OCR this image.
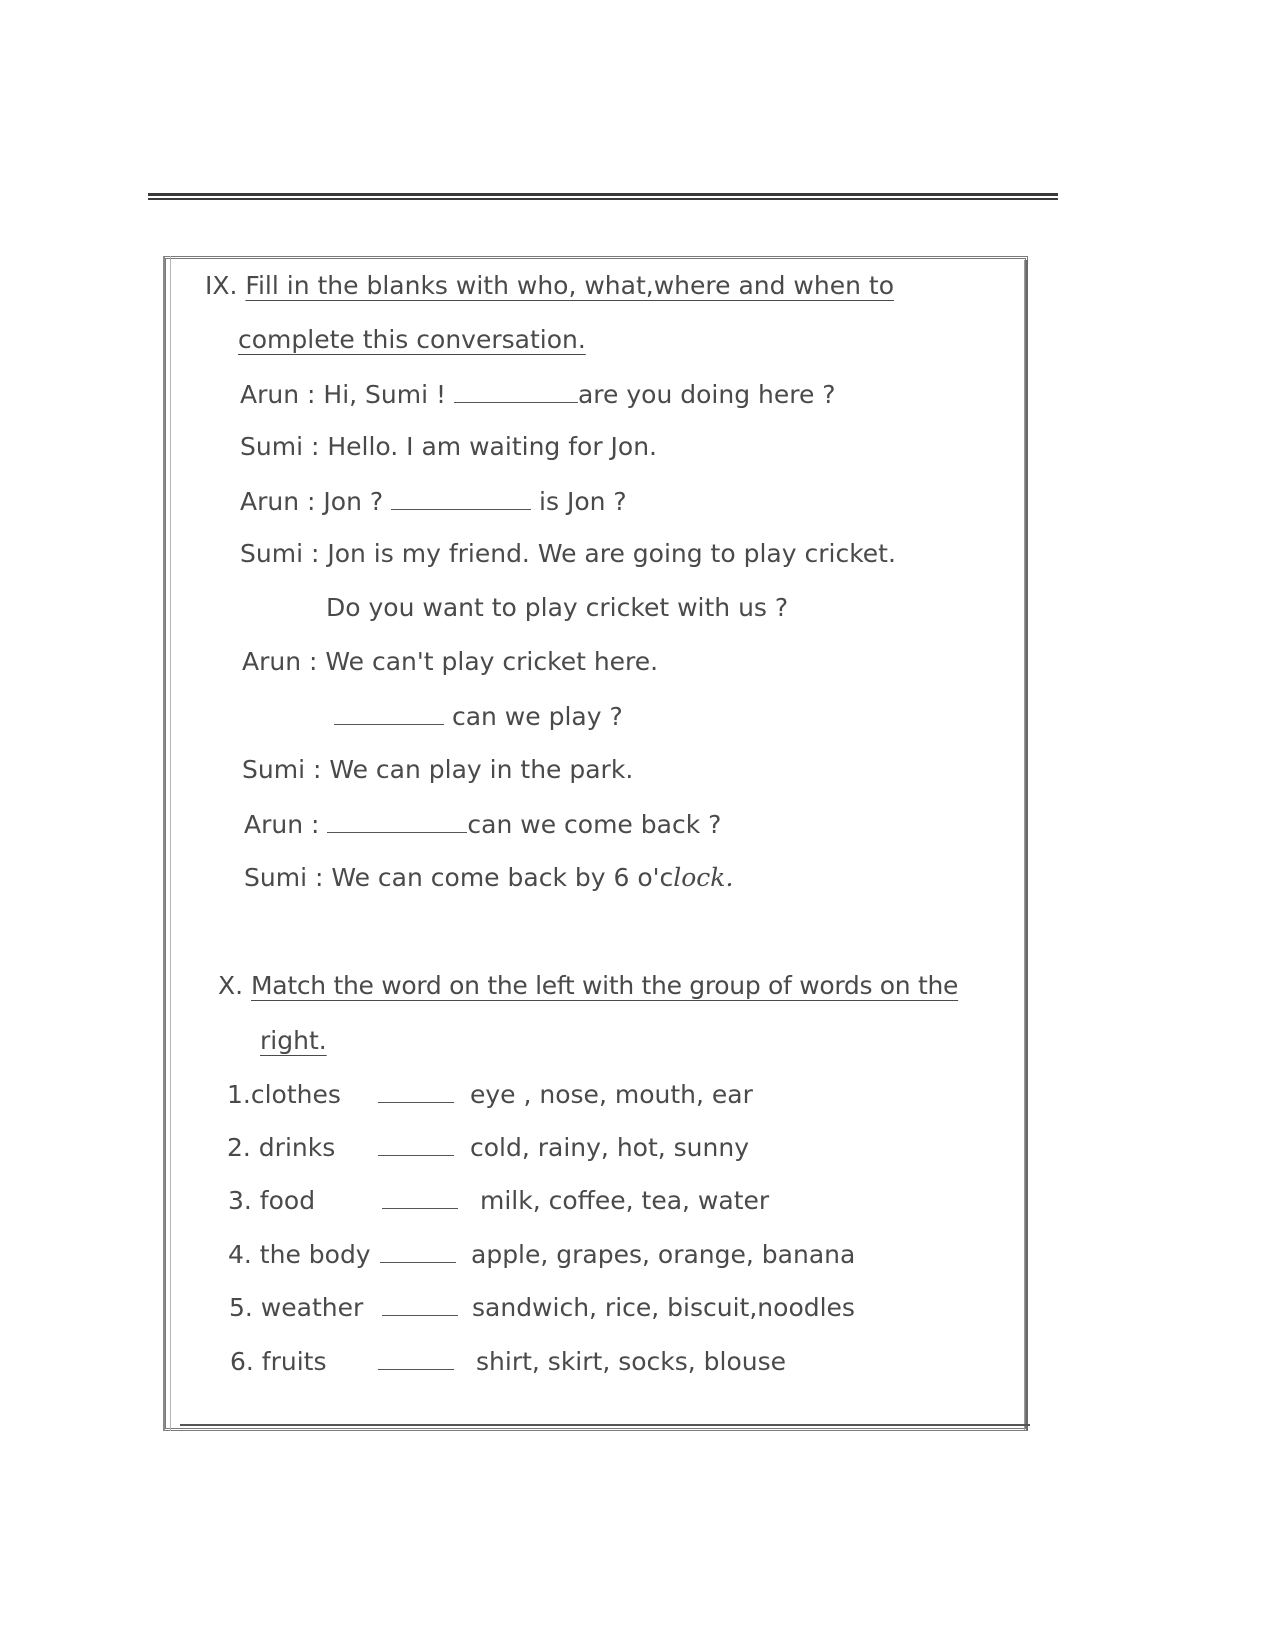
IX. Fill in the blanks with who, what,where and when to
complete this conversation.
Arun : Hi, Sumi !	are you doing here ?
Sumi : Hello. I am waiting for Jon.
Arun : Jon ?	is Jon ?
Sumi : Jon is my friend. We are going to play cricket.
Do you want to play cricket with us ?
Arun : We can't play cricket here.
can we play ?
Sumi : We can play in the park.
Arun :	can we come back ?
Sumi : We can come back by 6 o'clock.
X. Match the word on the left with the group of words on the
right.
1.clothes	eye , nose, mouth, ear
2. drinks	cold, rainy, hot, sunny
3. food	milk, coffee, tea, water
4. the body	apple, grapes, orange, banana
5. weather	sandwich, rice, biscuit,noodles
6. fruits	shirt, skirt, socks, blouse
